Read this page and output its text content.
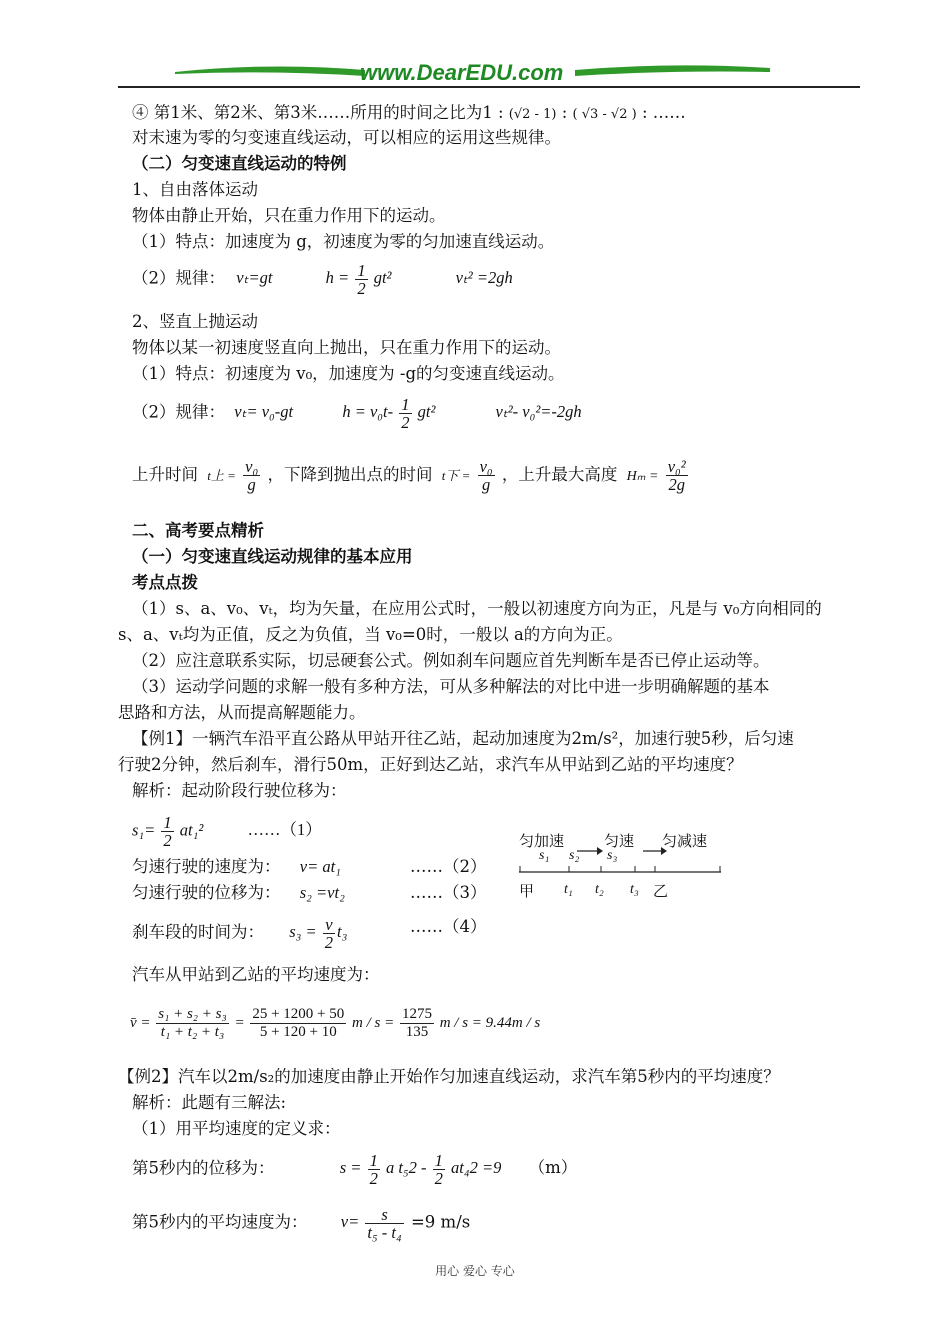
www.DearEDU.com
④ 第1米、第2米、第3米……所用的时间之比为1 : (√2 - 1) : ( √3 - √2 ) : ……
对末速为零的匀变速直线运动，可以相应的运用这些规律。
（二）匀变速直线运动的特例
1、自由落体运动
物体由静止开始，只在重力作用下的运动。
（1）特点：加速度为 g，初速度为零的匀加速直线运动。
（2）规律： vₜ=gt	$h = \frac{1}{2} gt^2$	vₜ² =2gh
2、竖直上抛运动
物体以某一初速度竖直向上抛出，只在重力作用下的运动。
（1）特点：初速度为 v₀，加速度为 -g的匀变速直线运动。
（2）规律： vₜ= v₀-gt	$h = v_0t- \frac{1}{2} gt^2$	vₜ²- v₀²=-2gh
上升时间 t上 = $\frac{\text{v₀}}{g}$ ，下降到抛出点的时间 t下 = $\frac{\text{v₀}}{g}$ ，上升最大高度 $H_m = \frac{\text{v₀²}}{2g}$
二、高考要点精析
（一）匀变速直线运动规律的基本应用
考点点拨
（1）s、a、v₀、vₜ，均为矢量，在应用公式时，一般以初速度方向为正，凡是与 v₀方向相同的
s、a、vₜ均为正值，反之为负值，当 v₀=0时，一般以 a的方向为正。
（2）应注意联系实际，切忌硬套公式。例如刹车问题应首先判断车是否已停止运动等。
（3）运动学问题的求解一般有多种方法，可从多种解法的对比中进一步明确解题的基本
思路和方法，从而提高解题能力。
【例1】一辆汽车沿平直公路从甲站开往乙站，起动加速度为2m/s²，加速行驶5秒，后匀速
行驶2分钟，然后刹车，滑行50m，正好到达乙站，求汽车从甲站到乙站的平均速度？
解析：起动阶段行驶位移为：
$s_1= \frac{1}{2} at_1^2$	……（1）
匀加速	匀速 匀减速
s₁ s₂ s₃
甲 t₁ t₂ t₃ 乙
匀速行驶的速度为： v= at₁	……（2）
匀速行驶的位移为： s₂ =vt₂	……（3）
刹车段的时间为： $s_3 = \frac{v}{2} t_3$	……（4）
汽车从甲站到乙站的平均速度为：
v̄ = $\frac{\text{s₁ + s₂ + s₃}}{\text{t₁ + t₂ + t₃}} = \frac{25 + 1200 + 50}{5 + 120 + 10}$ $m / s = \frac{1275}{135}$ m / s = 9.44m / s
【例2】汽车以2m/s₂的加速度由静止开始作匀加速直线运动，求汽车第5秒内的平均速度？
解析：此题有三解法:
（1）用平均速度的定义求：
第5秒内的位移为：	$s = \frac{1}{2}$ a $t_52 - \frac{1}{2} at_42 =9$ （m）
第5秒内的平均速度为： $v= \frac{s}{\text{t₅ - t₄}} =9$ m/s
用心 爱心 专心
